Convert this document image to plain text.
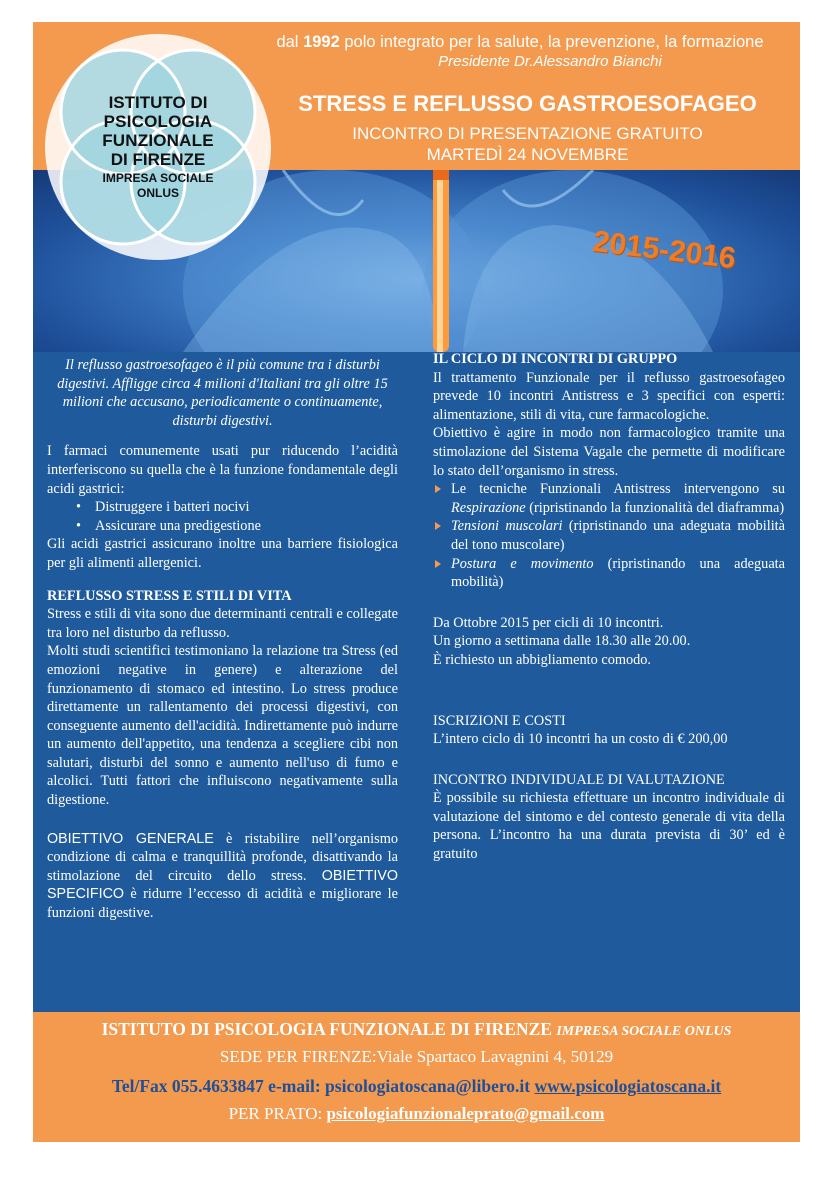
ISTITUTO DI
PSICOLOGIA FUNZIONALE
DI FIRENZE
IMPRESA SOCIALE
ONLUS
dal 1992 polo integrato per la salute, la prevenzione, la formazione
Presidente Dr.Alessandro Bianchi
STRESS E REFLUSSO GASTROESOFAGEO
INCONTRO DI PRESENTAZIONE GRATUITO
MARTEDÌ 24 NOVEMBRE
2015-2016

Il reflusso gastroesofageo è il più comune tra i disturbi digestivi. Affligge circa 4 milioni d'Italiani tra gli oltre 15 milioni che accusano, periodicamente o continuamente, disturbi digestivi.

I farmaci comunemente usati pur riducendo l’acidità interferiscono su quella che è la funzione fondamentale degli acidi gastrici:

• Distruggere i batteri nocivi
• Assicurare una predigestione

Gli acidi gastrici assicurano inoltre una barriere fisiologica per gli alimenti allergenici.

REFLUSSO STRESS E STILI DI VITA

Stress e stili di vita sono due determinanti centrali e collegate tra loro nel disturbo da reflusso.

Molti studi scientifici testimoniano la relazione tra Stress (ed emozioni negative in genere) e alterazione del funzionamento di stomaco ed intestino. Lo stress produce direttamente un rallentamento dei processi digestivi, con conseguente aumento dell'acidità. Indirettamente può indurre un aumento dell'appetito, una tendenza a scegliere cibi non salutari, disturbi del sonno e aumento nell'uso di fumo e alcolici. Tutti fattori che influiscono negativamente sulla digestione.

OBIETTIVO GENERALE è ristabilire nell’organismo condizione di calma e tranquillità profonde, disattivando la stimolazione del circuito dello stress. OBIETTIVO SPECIFICO è ridurre l’eccesso di acidità e migliorare le funzioni digestive.

IL CICLO DI INCONTRI DI GRUPPO

Il trattamento Funzionale per il reflusso gastroesofageo prevede 10 incontri Antistress e 3 specifici con esperti: alimentazione, stili di vita, cure farmacologiche.

Obiettivo è agire in modo non farmacologico tramite una stimolazione del Sistema Vagale che permette di modificare lo stato dell’organismo in stress.

Le tecniche Funzionali Antistress intervengono su Respirazione (ripristinando la funzionalità del diaframma)
Tensioni muscolari (ripristinando una adeguata mobilità del tono muscolare)
Postura e movimento (ripristinando una adeguata mobilità)
Da Ottobre 2015 per cicli di 10 incontri.
Un giorno a settimana dalle 18.30 alle 20.00.
È richiesto un abbigliamento comodo.
ISCRIZIONI E COSTI
L’intero ciclo di 10 incontri ha un costo di € 200,00
INCONTRO INDIVIDUALE DI VALUTAZIONE

È possibile su richiesta effettuare un incontro individuale di valutazione del sintomo e del contesto generale di vita della persona. L’incontro ha una durata prevista di 30’ ed è gratuito

ISTITUTO DI PSICOLOGIA FUNZIONALE DI FIRENZE IMPRESA SOCIALE ONLUS
SEDE PER FIRENZE:Viale Spartaco Lavagnini 4, 50129
Tel/Fax 055.4633847 e-mail: psicologiatoscana@libero.it www.psicologiatoscana.it
PER PRATO: psicologiafunzionaleprato@gmail.com
